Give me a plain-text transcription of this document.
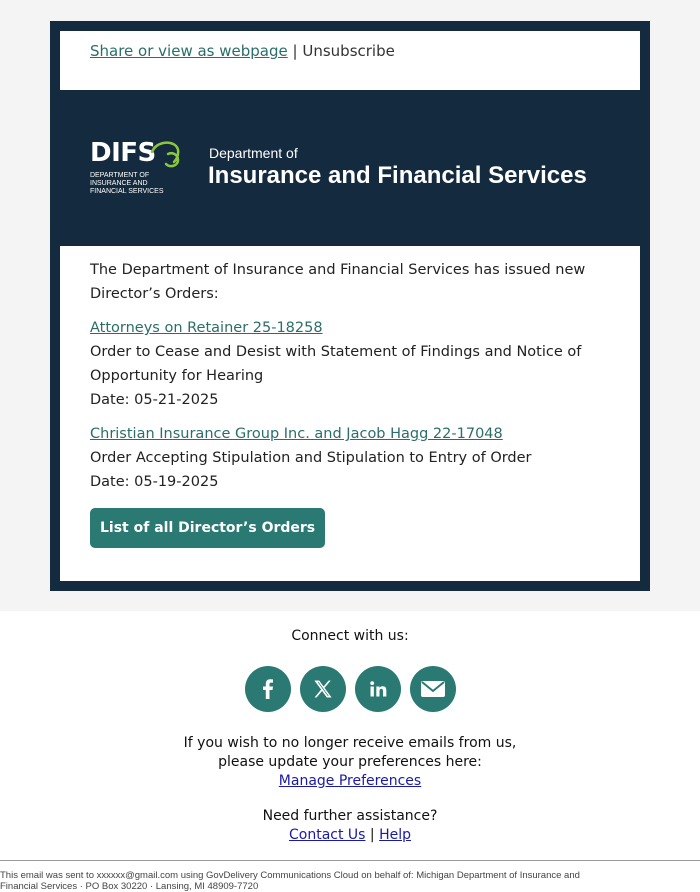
Share or view as webpage | Unsubscribe
DIFS
DEPARTMENT OF
INSURANCE AND
FINANCIAL SERVICES
Department of
Insurance and Financial Services

The Department of Insurance and Financial Services has issued new Director’s Orders:

Attorneys on Retainer 25-18258

Order to Cease and Desist with Statement of Findings and Notice of Opportunity for Hearing

Date: 05-21-2025

Christian Insurance Group Inc. and Jacob Hagg 22-17048

Order Accepting Stipulation and Stipulation to Entry of Order

Date: 05-19-2025

List of all Director’s Orders
Connect with us:
If you wish to no longer receive emails from us,
please update your preferences here:
Manage Preferences
Need further assistance?
Contact Us | Help
This email was sent to xxxxxx@gmail.com using GovDelivery Communications Cloud on behalf of: Michigan Department of Insurance and
Financial Services · PO Box 30220 · Lansing, MI 48909-7720
